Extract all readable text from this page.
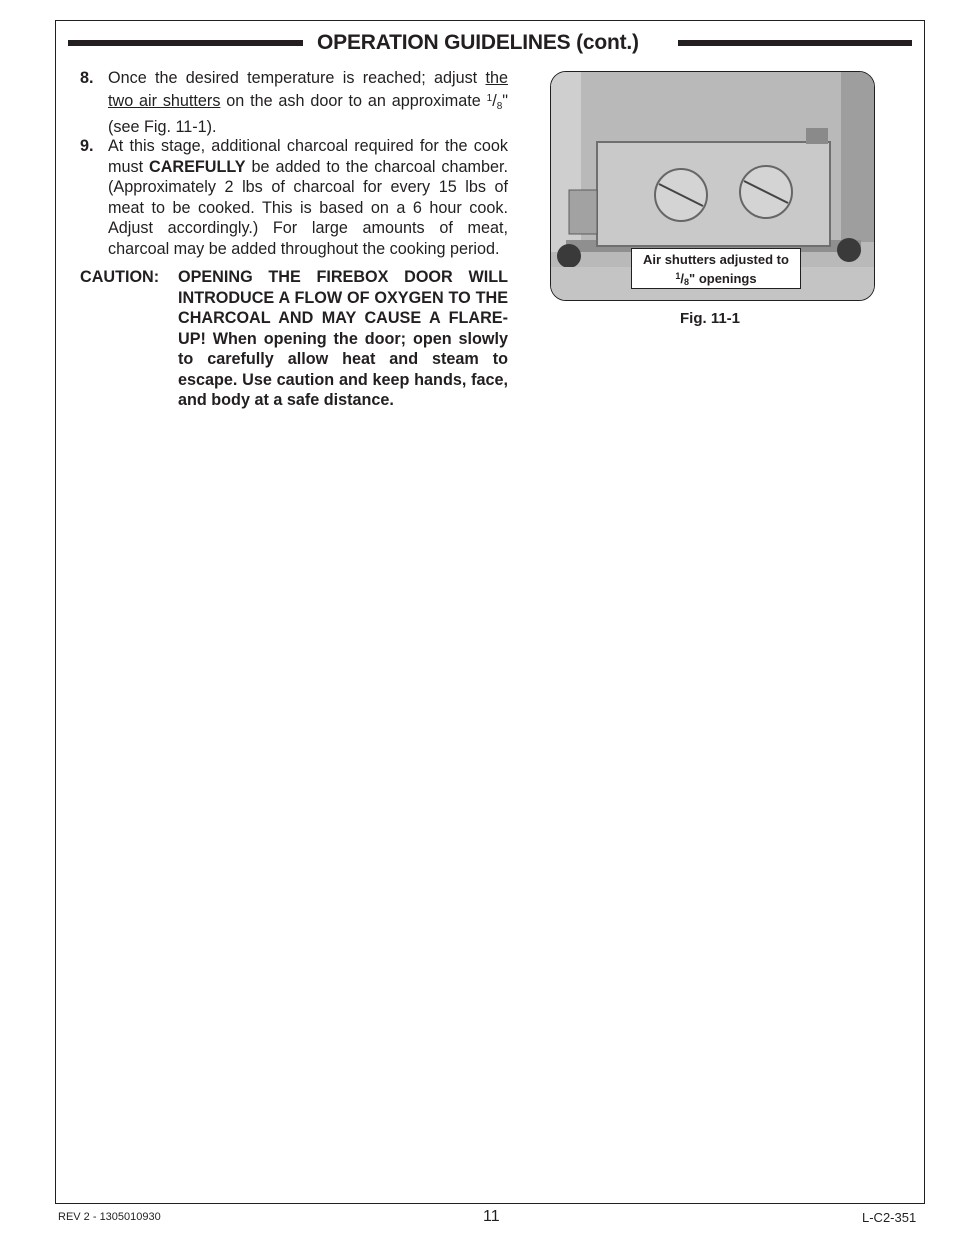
OPERATION GUIDELINES (cont.)
8. Once the desired temperature is reached; adjust the two air shutters on the ash door to an approximate $^1/_8$" (see Fig. 11-1).
9. At this stage, additional charcoal required for the cook must CAREFULLY be added to the charcoal chamber. (Approximately 2 lbs of charcoal for every 15 lbs of meat to be cooked. This is based on a 6 hour cook. Adjust accordingly.) For large amounts of meat, charcoal may be added throughout the cooking period.
CAUTION: OPENING THE FIREBOX DOOR WILL INTRODUCE A FLOW OF OXYGEN TO THE CHARCOAL AND MAY CAUSE A FLARE-UP! When opening the door; open slowly to carefully allow heat and steam to escape. Use caution and keep hands, face, and body at a safe distance.
Air shutters adjusted to
$^1/_8$" openings
Fig. 11-1
REV 2 - 1305010930	11	L-C2-351
